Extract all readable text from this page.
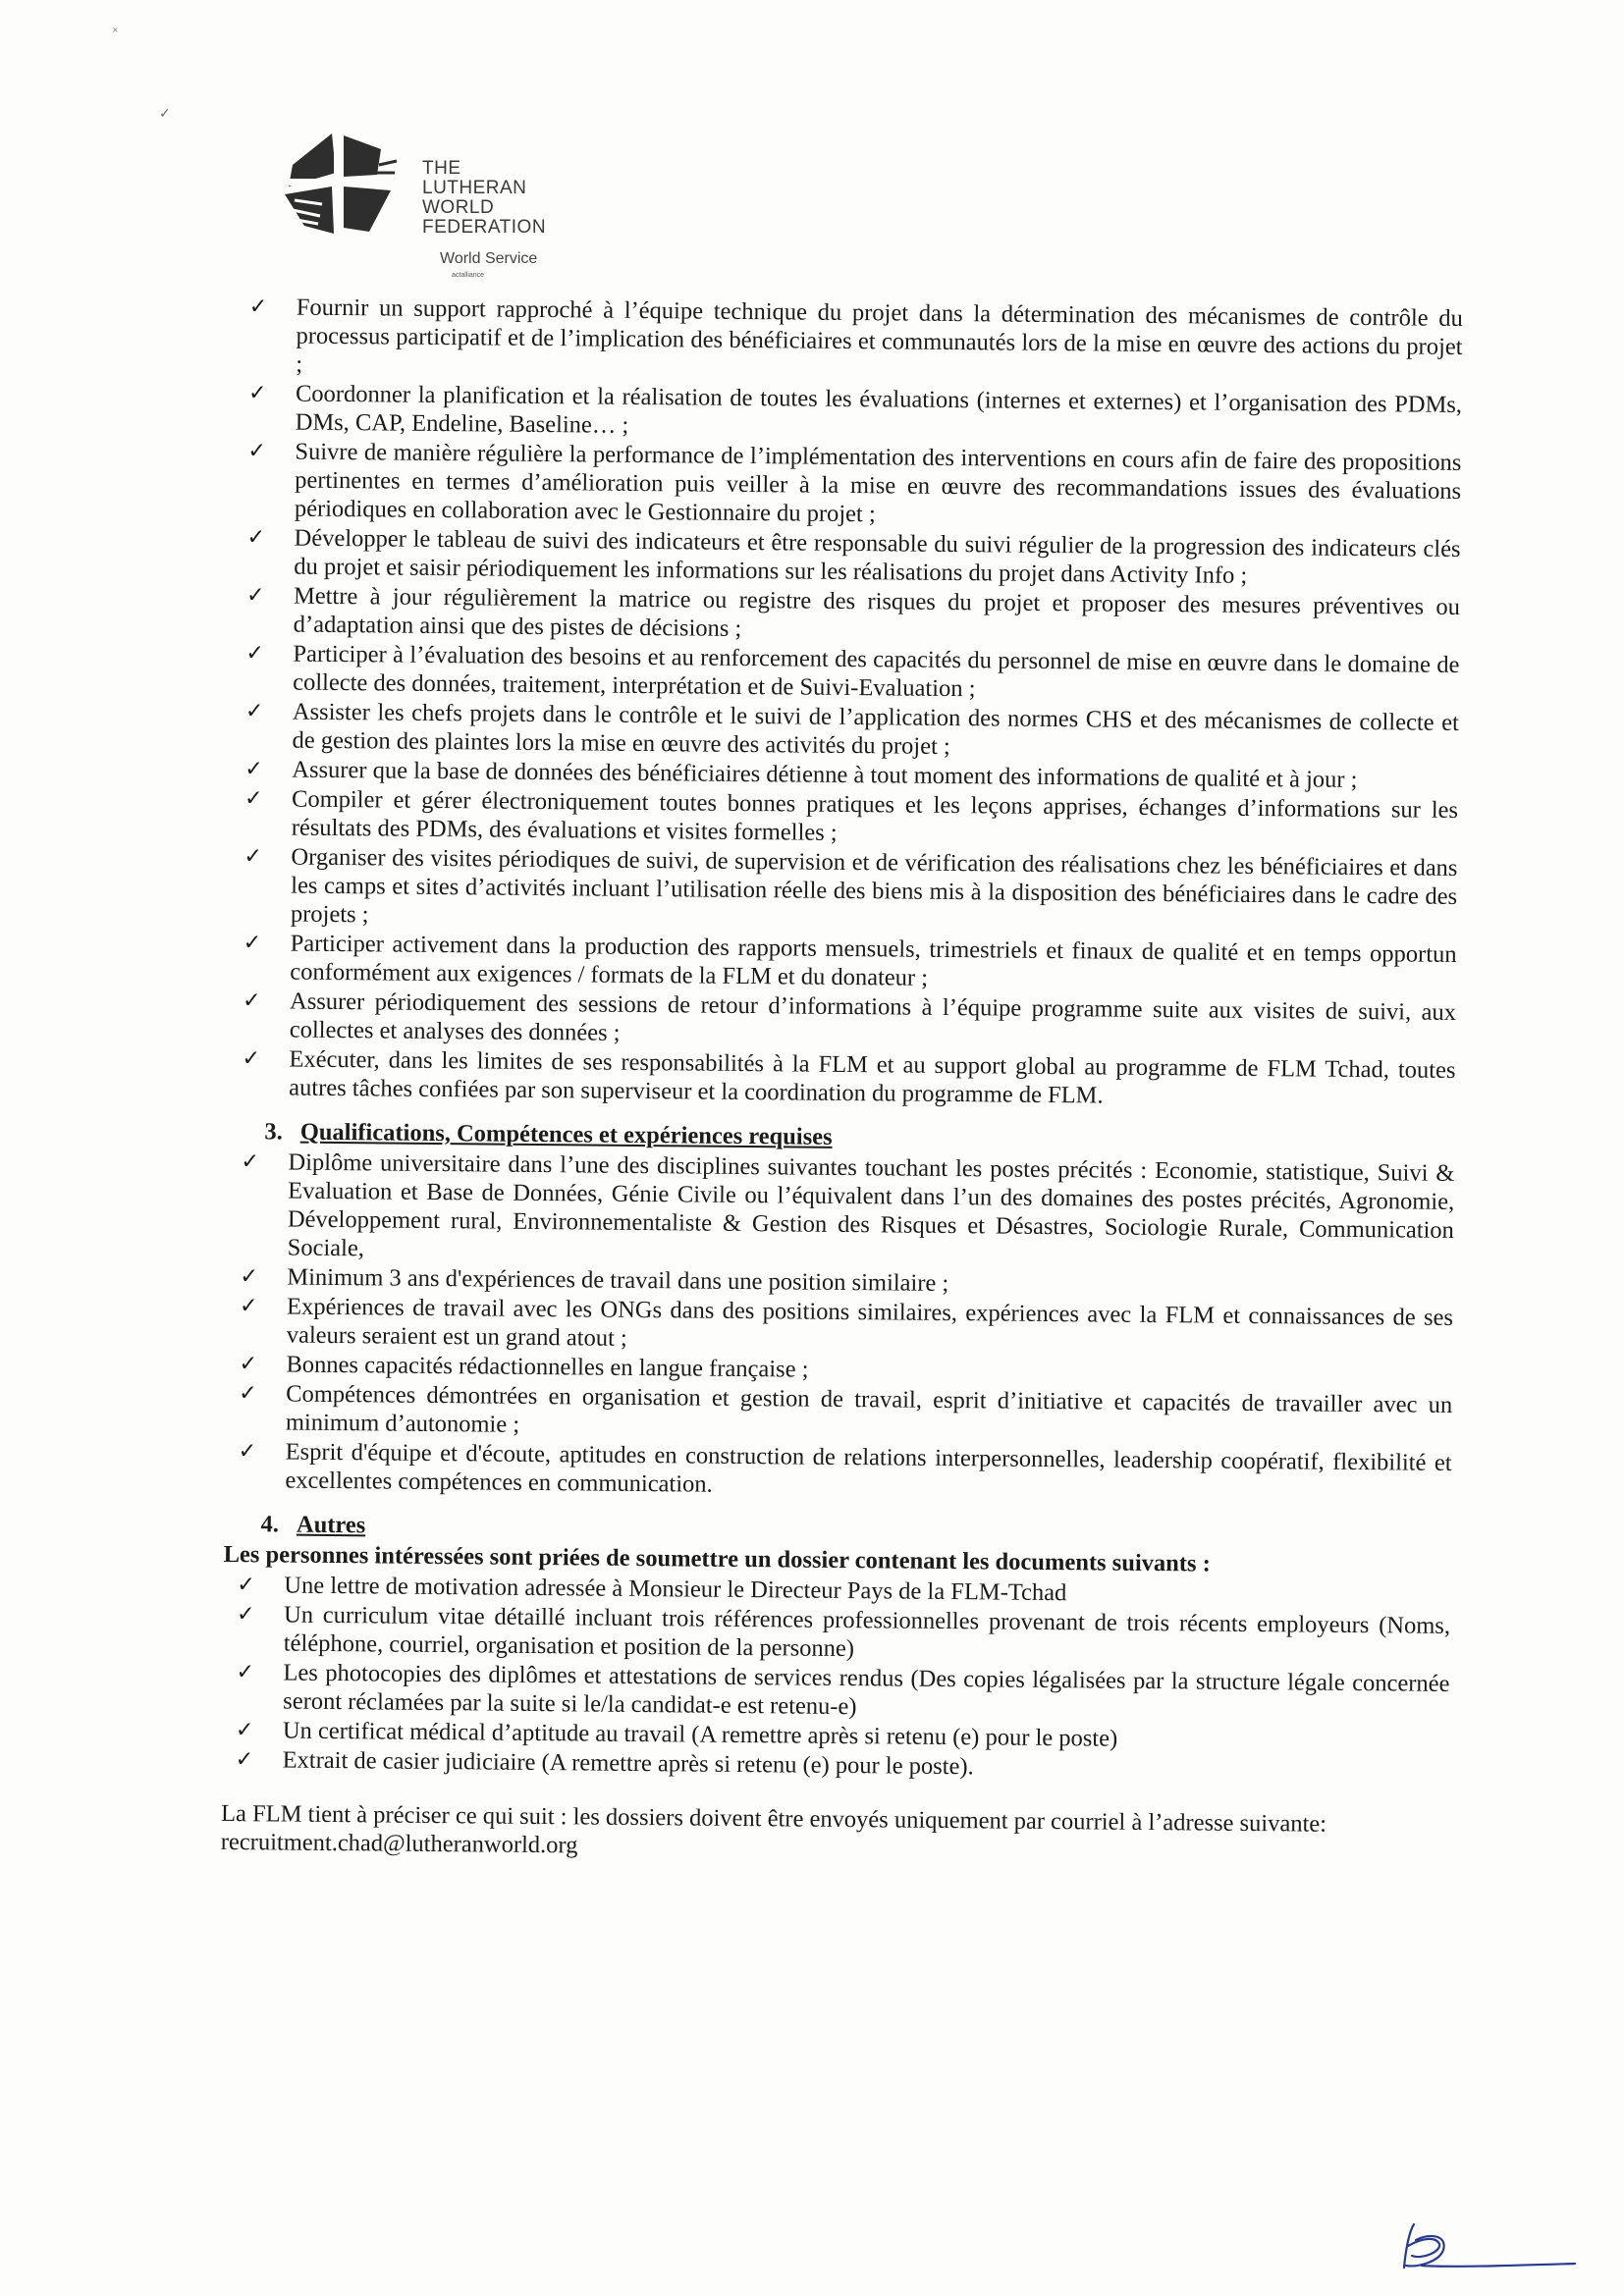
THE
LUTHERAN
WORLD
FEDERATION
World Service
actalliance
×
✓
✓ Fournir un support rapproché à l’équipe technique du projet dans la détermination des mécanismes de contrôle du processus participatif et de l’implication des bénéficiaires et communautés lors de la mise en œuvre des actions du projet ;
✓ Coordonner la planification et la réalisation de toutes les évaluations (internes et externes) et l’organisation des PDMs, DMs, CAP, Endeline, Baseline… ;
✓ Suivre de manière régulière la performance de l’implémentation des interventions en cours afin de faire des propositions pertinentes en termes d’amélioration puis veiller à la mise en œuvre des recommandations issues des évaluations périodiques en collaboration avec le Gestionnaire du projet ;
✓ Développer le tableau de suivi des indicateurs et être responsable du suivi régulier de la progression des indicateurs clés du projet et saisir périodiquement les informations sur les réalisations du projet dans Activity Info ;
✓ Mettre à jour régulièrement la matrice ou registre des risques du projet et proposer des mesures préventives ou d’adaptation ainsi que des pistes de décisions ;
✓ Participer à l’évaluation des besoins et au renforcement des capacités du personnel de mise en œuvre dans le domaine de collecte des données, traitement, interprétation et de Suivi-Evaluation ;
✓ Assister les chefs projets dans le contrôle et le suivi de l’application des normes CHS et des mécanismes de collecte et de gestion des plaintes lors la mise en œuvre des activités du projet ;
✓ Assurer que la base de données des bénéficiaires détienne à tout moment des informations de qualité et à jour ;
✓ Compiler et gérer électroniquement toutes bonnes pratiques et les leçons apprises, échanges d’informations sur les résultats des PDMs, des évaluations et visites formelles ;
✓ Organiser des visites périodiques de suivi, de supervision et de vérification des réalisations chez les bénéficiaires et dans les camps et sites d’activités incluant l’utilisation réelle des biens mis à la disposition des bénéficiaires dans le cadre des projets ;
✓ Participer activement dans la production des rapports mensuels, trimestriels et finaux de qualité et en temps opportun conformément aux exigences / formats de la FLM et du donateur ;
✓ Assurer périodiquement des sessions de retour d’informations à l’équipe programme suite aux visites de suivi, aux collectes et analyses des données ;
✓ Exécuter, dans les limites de ses responsabilités à la FLM et au support global au programme de FLM Tchad, toutes autres tâches confiées par son superviseur et la coordination du programme de FLM.
3. Qualifications, Compétences et expériences requises
✓ Diplôme universitaire dans l’une des disciplines suivantes touchant les postes précités : Economie, statistique, Suivi & Evaluation et Base de Données, Génie Civile ou l’équivalent dans l’un des domaines des postes précités, Agronomie, Développement rural, Environnementaliste & Gestion des Risques et Désastres, Sociologie Rurale, Communication Sociale,
✓ Minimum 3 ans d'expériences de travail dans une position similaire ;
✓ Expériences de travail avec les ONGs dans des positions similaires, expériences avec la FLM et connaissances de ses valeurs seraient est un grand atout ;
✓ Bonnes capacités rédactionnelles en langue française ;
✓ Compétences démontrées en organisation et gestion de travail, esprit d’initiative et capacités de travailler avec un minimum d’autonomie ;
✓ Esprit d'équipe et d'écoute, aptitudes en construction de relations interpersonnelles, leadership coopératif, flexibilité et excellentes compétences en communication.
4. Autres
Les personnes intéressées sont priées de soumettre un dossier contenant les documents suivants :
✓ Une lettre de motivation adressée à Monsieur le Directeur Pays de la FLM-Tchad
✓ Un curriculum vitae détaillé incluant trois références professionnelles provenant de trois récents employeurs (Noms, téléphone, courriel, organisation et position de la personne)
✓ Les photocopies des diplômes et attestations de services rendus (Des copies légalisées par la structure légale concernée seront réclamées par la suite si le/la candidat-e est retenu-e)
✓ Un certificat médical d’aptitude au travail (A remettre après si retenu (e) pour le poste)
✓ Extrait de casier judiciaire (A remettre après si retenu (e) pour le poste).
La FLM tient à préciser ce qui suit : les dossiers doivent être envoyés uniquement par courriel à l’adresse suivante:
recruitment.chad@lutheranworld.org
